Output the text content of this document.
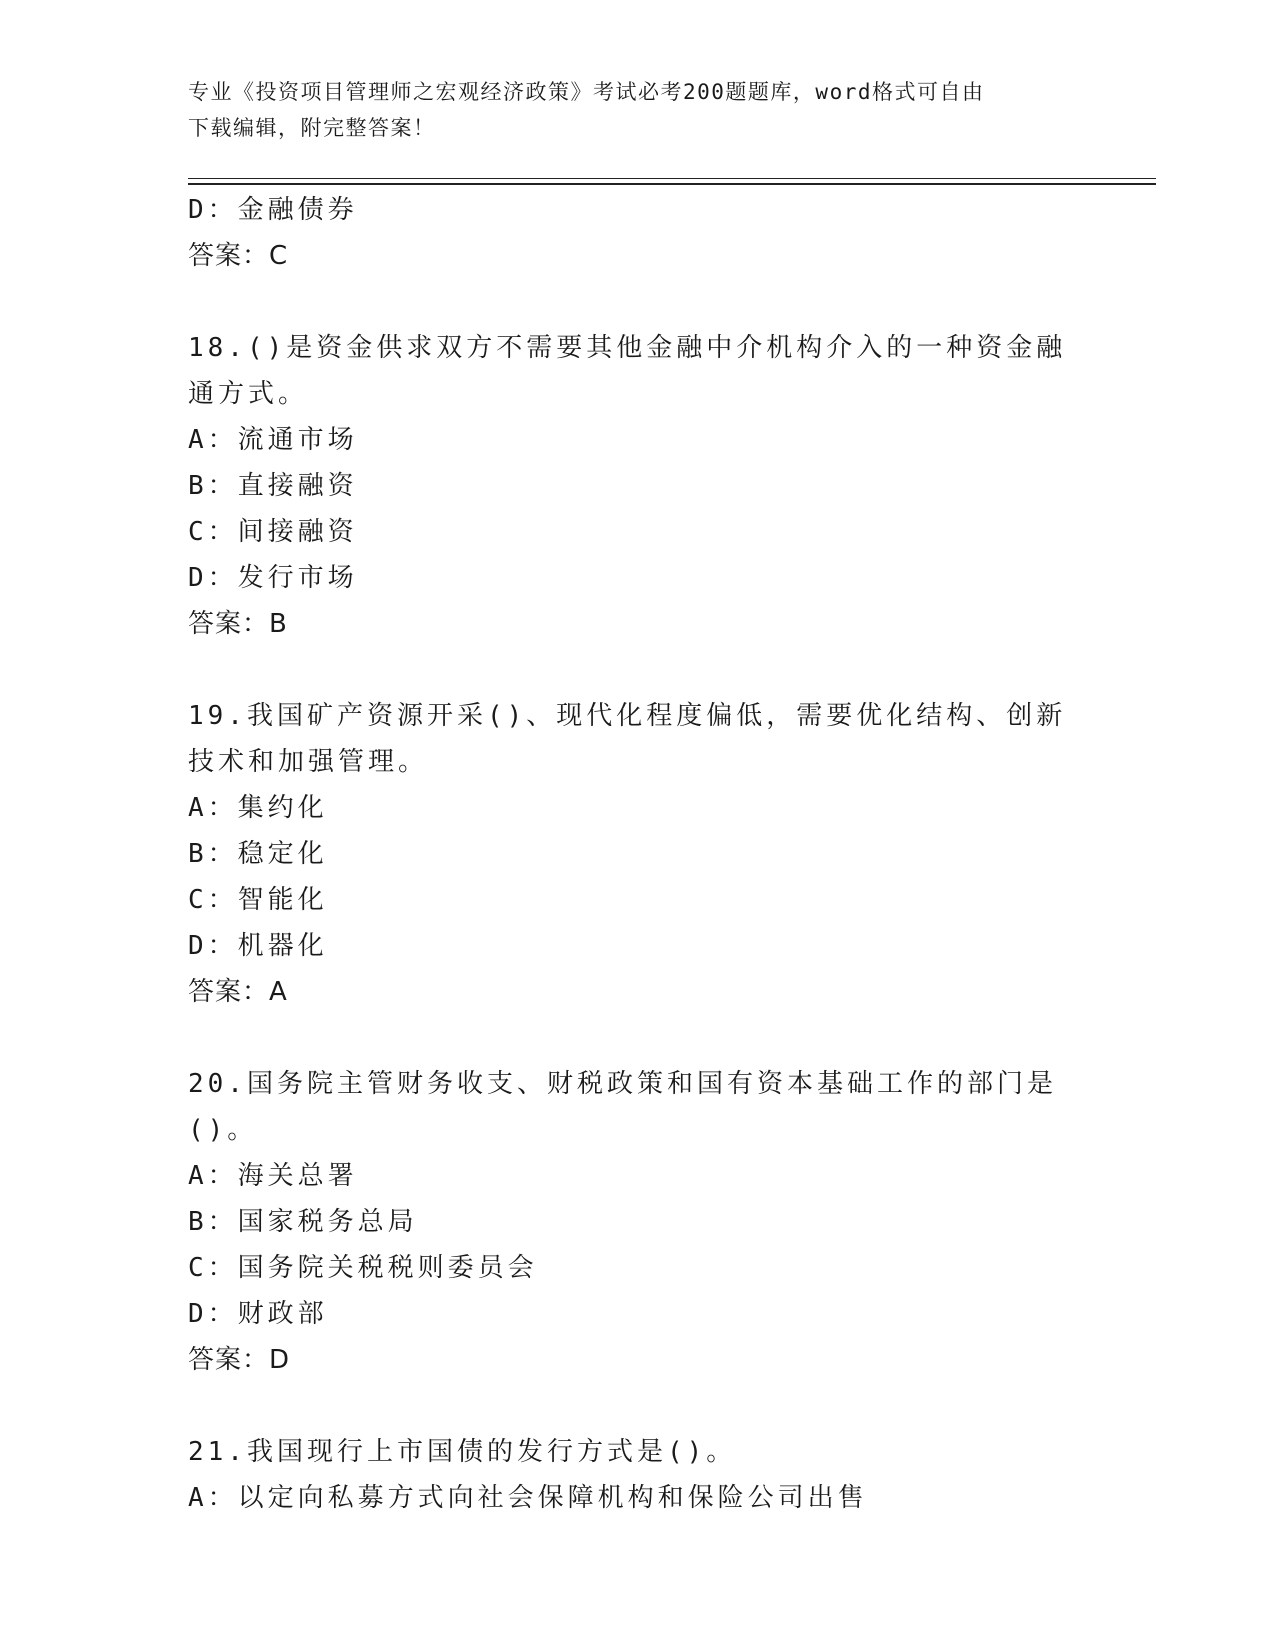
专业《投资项目管理师之宏观经济政策》考试必考200题题库，word格式可自由
下载编辑，附完整答案！
D：金融债券
答案：C
18.()是资金供求双方不需要其他金融中介机构介入的一种资金融通方式。
A：流通市场
B：直接融资
C：间接融资
D：发行市场
答案：B
19.我国矿产资源开采()、现代化程度偏低，需要优化结构、创新技术和加强管理。
A：集约化
B：稳定化
C：智能化
D：机器化
答案：A
20.国务院主管财务收支、财税政策和国有资本基础工作的部门是()。
A：海关总署
B：国家税务总局
C：国务院关税税则委员会
D：财政部
答案：D
21.我国现行上市国债的发行方式是()。
A：以定向私募方式向社会保障机构和保险公司出售
